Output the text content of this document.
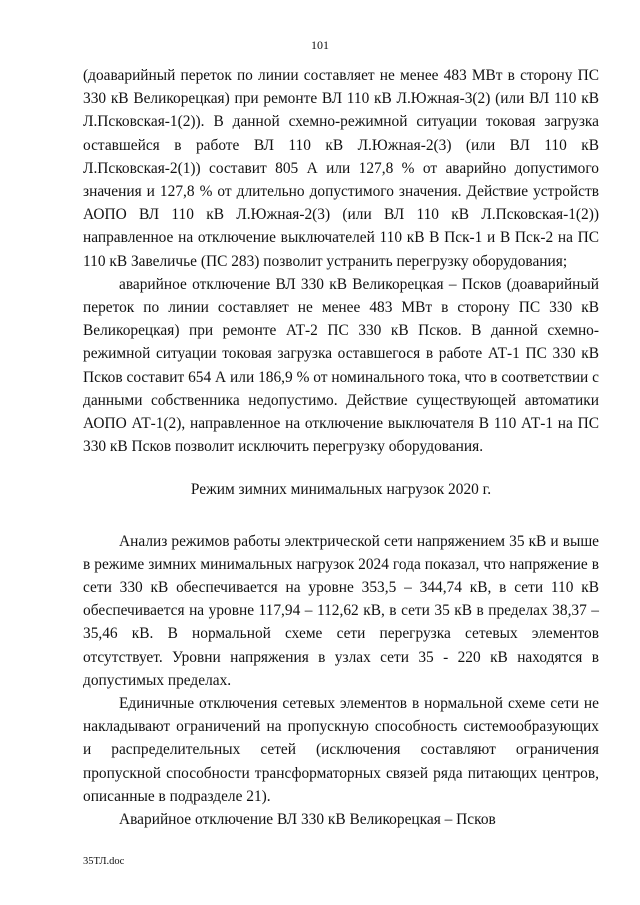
101

(доаварийный переток по линии составляет не менее 483 МВт в сторону ПС 330 кВ Великорецкая) при ремонте ВЛ 110 кВ Л.Южная-3(2) (или ВЛ 110 кВ Л.Псковская-1(2)). В данной схемно-режимной ситуации токовая загрузка оставшейся в работе ВЛ 110 кВ Л.Южная-2(3) (или ВЛ 110 кВ Л.Псковская-2(1)) составит 805 А или 127,8 % от аварийно допустимого значения и 127,8 % от длительно допустимого значения. Действие устройств АОПО ВЛ 110 кВ Л.Южная-2(3) (или ВЛ 110 кВ Л.Псковская-1(2)) направленное на отключение выключателей 110 кВ В Пск-1 и В Пск-2 на ПС 110 кВ Завеличье (ПС 283) позволит устранить перегрузку оборудования;

аварийное отключение ВЛ 330 кВ Великорецкая – Псков (доаварийный переток по линии составляет не менее 483 МВт в сторону ПС 330 кВ Великорецкая) при ремонте АТ-2 ПС 330 кВ Псков. В данной схемно-режимной ситуации токовая загрузка оставшегося в работе АТ-1 ПС 330 кВ Псков составит 654 А или 186,9 % от номинального тока, что в соответствии с данными собственника недопустимо. Действие существующей автоматики АОПО АТ-1(2), направленное на отключение выключателя В 110 АТ-1 на ПС 330 кВ Псков позволит исключить перегрузку оборудования.

Режим зимних минимальных нагрузок 2020 г.

Анализ режимов работы электрической сети напряжением 35 кВ и выше в режиме зимних минимальных нагрузок 2024 года показал, что напряжение в сети 330 кВ обеспечивается на уровне 353,5 – 344,74 кВ, в сети 110 кВ обеспечивается на уровне 117,94 – 112,62 кВ, в сети 35 кВ в пределах 38,37 – 35,46 кВ. В нормальной схеме сети перегрузка сетевых элементов отсутствует. Уровни напряжения в узлах сети 35 - 220 кВ находятся в допустимых пределах.

Единичные отключения сетевых элементов в нормальной схеме сети не накладывают ограничений на пропускную способность системообразующих и распределительных сетей (исключения составляют ограничения пропускной способности трансформаторных связей ряда питающих центров, описанные в подразделе 21).

Аварийное отключение ВЛ 330 кВ Великорецкая – Псков

35ТЛ.doc
